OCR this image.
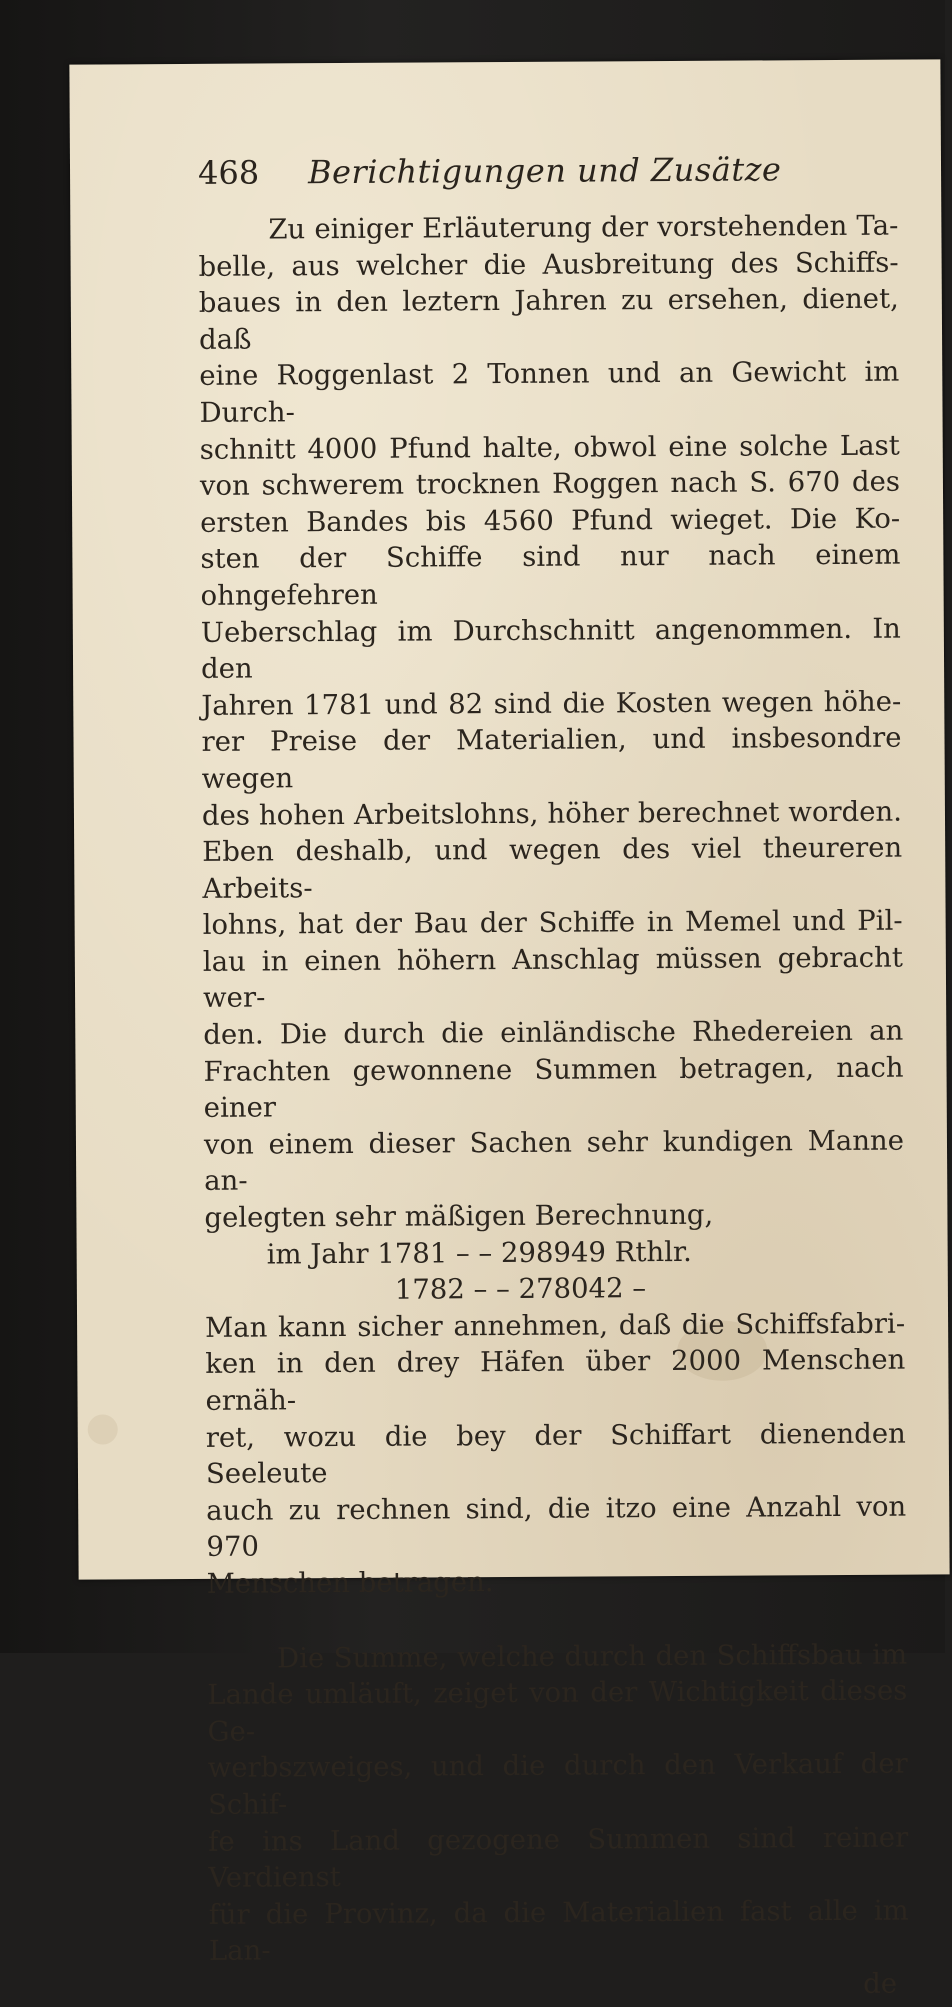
468	Berichtigungen und Zusätze
Zu einiger Erläuterung der vorstehenden Ta-
belle, aus welcher die Ausbreitung des Schiffs-
baues in den leztern Jahren zu ersehen, dienet, daß
eine Roggenlast 2 Tonnen und an Gewicht im Durch-
schnitt 4000 Pfund halte, obwol eine solche Last
von schwerem trocknen Roggen nach S. 670 des
ersten Bandes bis 4560 Pfund wieget. Die Ko-
sten der Schiffe sind nur nach einem ohngefehren
Ueberschlag im Durchschnitt angenommen. In den
Jahren 1781 und 82 sind die Kosten wegen höhe-
rer Preise der Materialien, und insbesondre wegen
des hohen Arbeitslohns, höher berechnet worden.
Eben deshalb, und wegen des viel theureren Arbeits-
lohns, hat der Bau der Schiffe in Memel und Pil-
lau in einen höhern Anschlag müssen gebracht wer-
den. Die durch die einländische Rhedereien an
Frachten gewonnene Summen betragen, nach einer
von einem dieser Sachen sehr kundigen Manne an-
gelegten sehr mäßigen Berechnung,
im Jahr 1781 – – 298949 Rthlr.
1782 – – 278042 –
Man kann sicher annehmen, daß die Schiffsfabri-
ken in den drey Häfen über 2000 Menschen ernäh-
ret, wozu die bey der Schiffart dienenden Seeleute
auch zu rechnen sind, die itzo eine Anzahl von 970
Menschen betragen.
Die Summe, welche durch den Schiffsbau im
Lande umläuft, zeiget von der Wichtigkeit dieses Ge-
werbszweiges, und die durch den Verkauf der Schif-
fe ins Land gezogene Summen sind reiner Verdienst
für die Provinz, da die Materialien fast alle im Lan-
de
